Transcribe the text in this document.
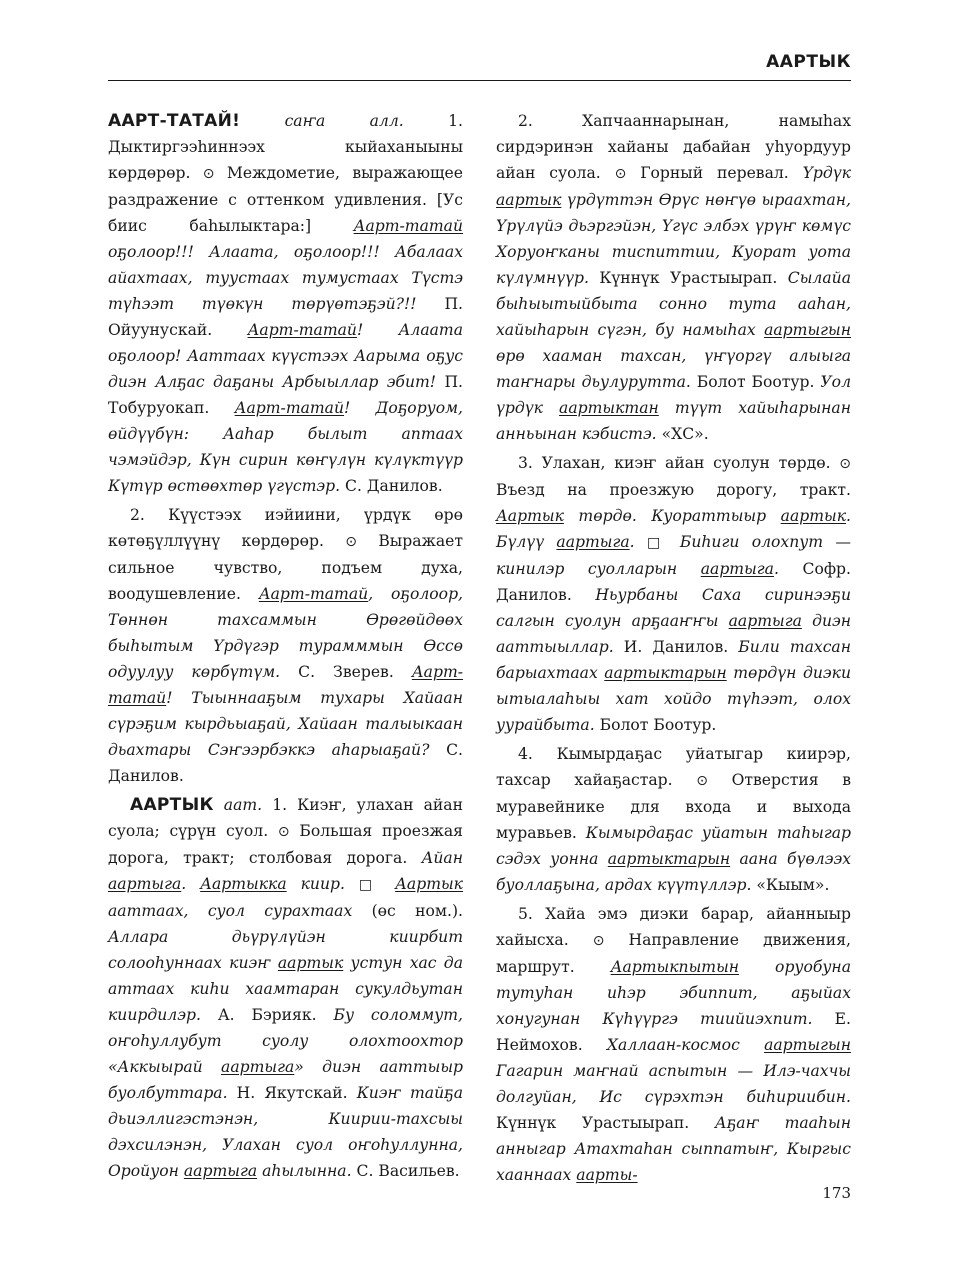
ААРТЫК

ААРТ-ТАТАЙ!	саҥа алл. 1. Дыктиргээһиннээх кыйаханыыны көрдөрөр. ⊙ Междометие, выражающее раздражение с оттенком удивления. [Ус биис баһылыктара:] Аарт-татай оҕолоор!!! Алаата, оҕолоор!!! Абалаах айахтаах, туустаах тумустаах Түстэ түһээт түөкүн төрүөтэҕэй?!! П. Ойуунускай. Аарт-татай! Алаата оҕолоор! Ааттаах күүстээх Аарыма оҕус диэн Алҕас даҕаны Арбыыллар эбит! П. Тобуруокап. Аарт-татай! Доҕоруом, өйдүүбүн: Ааһар былыт аптаах чэмэйдэр, Күн сирин көҥүлүн күлүктүүр Күтүр өстөөхтөр үгүстэр. С. Данилов.

2. Күүстээх иэйиини, үрдүк өрө көтөҕүллүүнү көрдөрөр. ⊙ Выражает сильное чувство, подъем духа, воодушевление. Аарт-татай, оҕолоор, Төннөн тахсаммын Өрөгөйдөөх быһытым Үрдүгэр турамммын Өссө одуулуу көрбүтүм. С. Зверев. Аарт-татай! Тыыннааҕым тухары Хайаан сүрэҕим кырдьыаҕай, Хайаан талыыкаан дьахтары Сэҥээрбэккэ аһарыаҕай? С. Данилов.

ААРТЫК аат. 1. Киэҥ, улахан айан суола; сүрүн суол. ⊙ Большая проезжая дорога, тракт; столбовая дорога. Айан аартыга. Аартыкка киир. □ Аартык ааттаах, суол сурахтаах (өс ном.). Аллара дьүрүлүйэн киирбит солооһуннаах киэҥ аартык устун хас да аттаах киһи хаамтаран сукулдьутан киирдилэр. А. Бэрияк. Бу соломмут, оҥоһуллубут суолу олохтоохтор «Аккыырай аартыга» диэн ааттыыр буолбуттара. Н. Якутскай. Киэҥ тайҕа дьиэллигэстэнэн, Киирии-тахсыы дэхсилэнэн, Улахан суол оҥоһуллунна, Оройуон аартыга аһылынна. С. Васильев.

2. Хапчааннарынан, намыһах сирдэринэн хайаны дабайан уһуордуур айан суола. ⊙ Горный перевал. Үрдүк аартык үрдүттэн Өрүс нөҥүө ыраахтан, Үрүлүйэ дьэргэйэн, Үгүс элбэх үрүҥ көмүс Хоруоҥканы тиспиттии, Куорат уота күлүмнүүр. Күннүк Урастыырап. Сылайа быһыытыйбыта сонно тута ааһан, хайыһарын сүгэн, бу намыһах аартыгын өрө хааман тахсан, үҥүоргү алыыга таҥнары дьулурутта. Болот Боотур. Уол үрдүк аартыктан түүт хайыһарынан анньынан кэбистэ. «ХС».

3. Улахан, киэҥ айан суолун төрдө. ⊙ Въезд на проезжую дорогу, тракт. Аартык төрдө. Куораттыыр аартык. Бүлүү аартыга. □ Биһиги олохпут — кинилэр суолларын аартыга. Софр. Данилов. Ньурбаны Саха сиринээҕи салгын суолун арҕааҥҥы аартыга диэн ааттыыллар. И. Данилов. Били тахсан барыахтаах аартыктарын төрдүн диэки ытыалаһыы хат хойдо түһээт, олох уурайбыта. Болот Боотур.

4. Кымырдаҕас уйатыгар киирэр, тахсар хайаҕастар. ⊙ Отверстия в муравейнике для входа и выхода муравьев. Кымырдаҕас уйатын таһыгар сэдэх уонна аартыктарын аана бүөлээх буоллаҕына, ардах күүтүллэр. «Кыым».

5. Хайа эмэ диэки барар, айанныыр хайысха. ⊙ Направление движения, маршрут. Аартыкпытын оруобуна тутуһан иһэр эбиппит, аҕыйах хонугунан Күһүүргэ тиийиэхпит. Е. Неймохов. Халлаан-космос аартыгын Гагарин маҥнай аспытын — Илэ-чахчы долгуйан, Ис сүрэхтэн биһириибин. Күннүк Урастыырап. Аҕаҥ тааһын анныгар Атахтаһан сыппатыҥ, Кыргыс хааннаах аарты-

173
